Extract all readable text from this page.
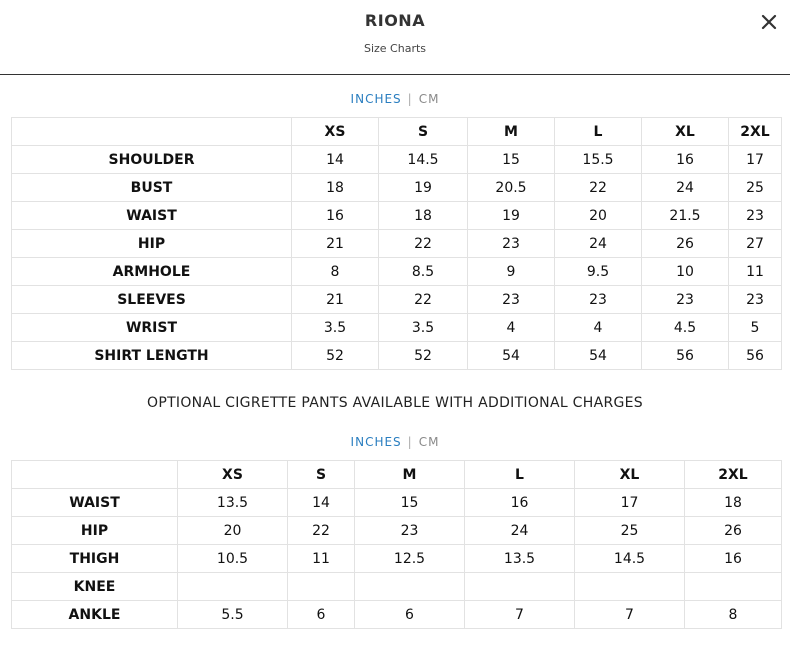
RIONA
Size Charts
INCHES | CM
	XS	S	M	L	XL	2XL
SHOULDER	14	14.5	15	15.5	16	17
BUST	18	19	20.5	22	24	25
WAIST	16	18	19	20	21.5	23
HIP	21	22	23	24	26	27
ARMHOLE	8	8.5	9	9.5	10	11
SLEEVES	21	22	23	23	23	23
WRIST	3.5	3.5	4	4	4.5	5
SHIRT LENGTH	52	52	54	54	56	56
OPTIONAL CIGRETTE PANTS AVAILABLE WITH ADDITIONAL CHARGES
INCHES | CM
	XS	S	M	L	XL	2XL
WAIST	13.5	14	15	16	17	18
HIP	20	22	23	24	25	26
THIGH	10.5	11	12.5	13.5	14.5	16
KNEE						
ANKLE	5.5	6	6	7	7	8
